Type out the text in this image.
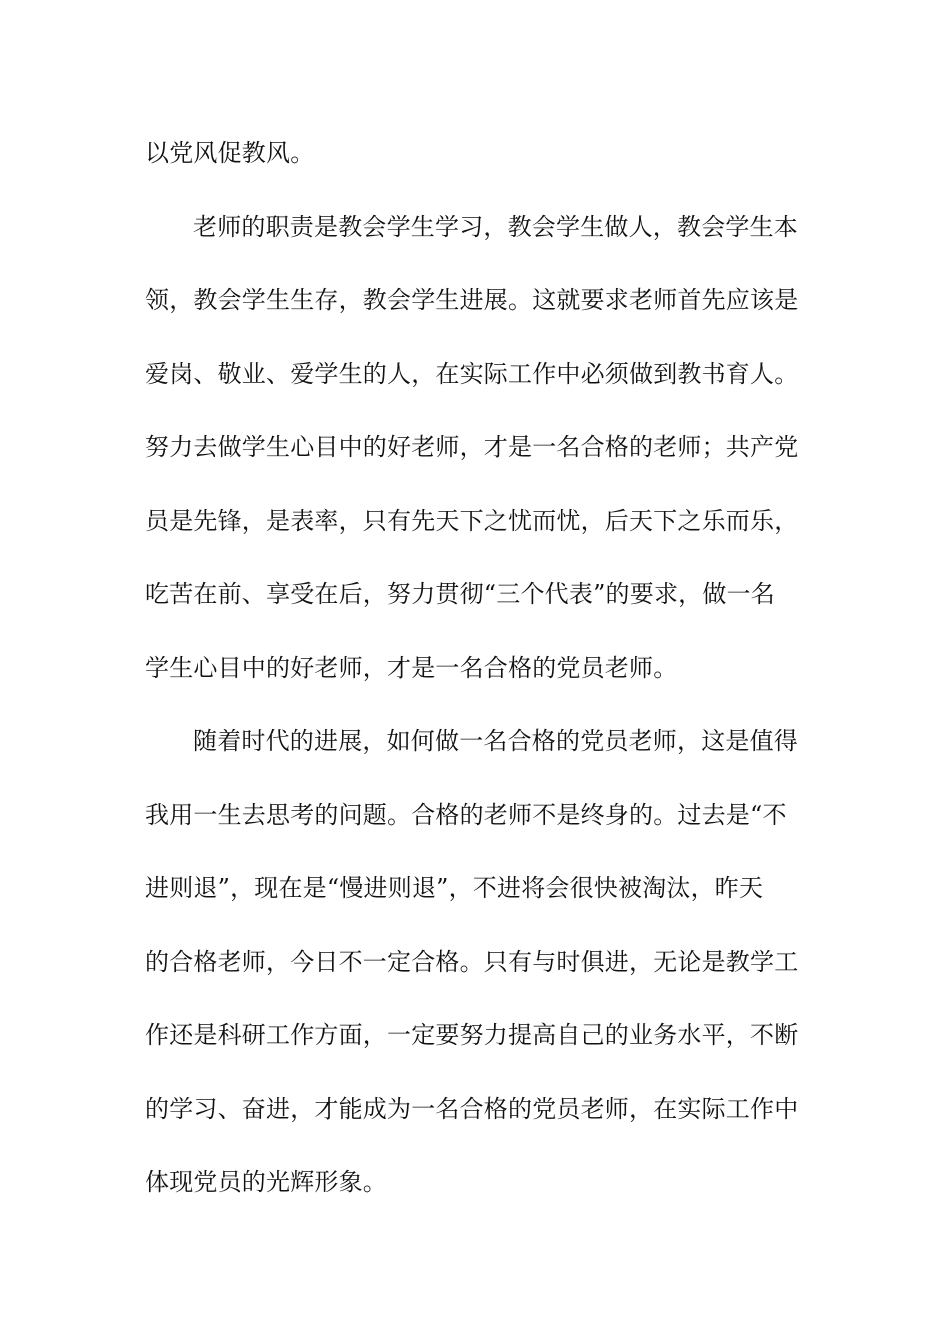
以党风促教风。
老师的职责是教会学生学习，教会学生做人，教会学生本
领，教会学生生存，教会学生进展。这就要求老师首先应该是
爱岗、敬业、爱学生的人，在实际工作中必须做到教书育人。
努力去做学生心目中的好老师，才是一名合格的老师；共产党
员是先锋，是表率，只有先天下之忧而忧，后天下之乐而乐，
吃苦在前、享受在后，努力贯彻“三个代表”的要求，做一名
学生心目中的好老师，才是一名合格的党员老师。
随着时代的进展，如何做一名合格的党员老师，这是值得
我用一生去思考的问题。合格的老师不是终身的。过去是“不
进则退”，现在是“慢进则退”，不进将会很快被淘汰，昨天
的合格老师，今日不一定合格。只有与时俱进，无论是教学工
作还是科研工作方面，一定要努力提高自己的业务水平，不断
的学习、奋进，才能成为一名合格的党员老师，在实际工作中
体现党员的光辉形象。
